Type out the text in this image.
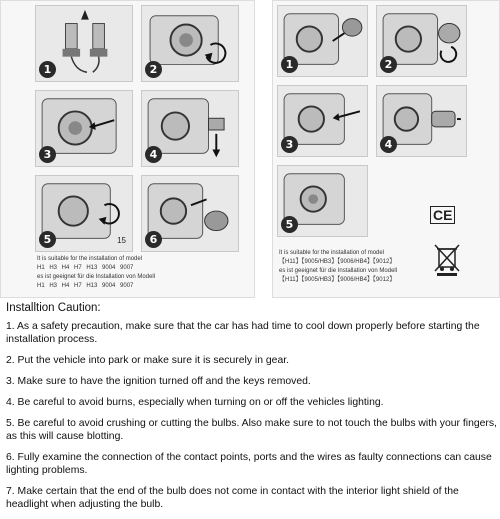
1	2
3	4
15
5	6
It is suitable for the installation of model
H1 H3 H4 H7 H13 9004 9007
es ist geeignet für die Installation von Modell
H1 H3 H4 H7 H13 9004 9007
1	2
3	4
5
CE
It is suitable for the installation of model
【H11】【9005/HB3】【9006/HB4】【9012】
es ist geeignet für die Installation von Modell
【H11】【9005/HB3】【9006/HB4】【9012】
Installtion Caution:
1. As a safety precaution, make sure that the car has had time to cool down properly before starting the installation process.
2. Put the vehicle into park or make sure it is securely in gear.
3. Make sure to have the ignition turned off and the keys removed.
4. Be careful to avoid burns, especially when turning on or off the vehicles lighting.
5. Be careful to avoid crushing or cutting the bulbs. Also make sure to not touch the bulbs with your fingers, as this will cause blotting.
6. Fully examine the connection of the contact points, ports and the wires as faulty connections can cause lighting problems.
7. Make certain that the end of the bulb does not come in contact with the interior light shield of the headlight when adjusting the bulb.
